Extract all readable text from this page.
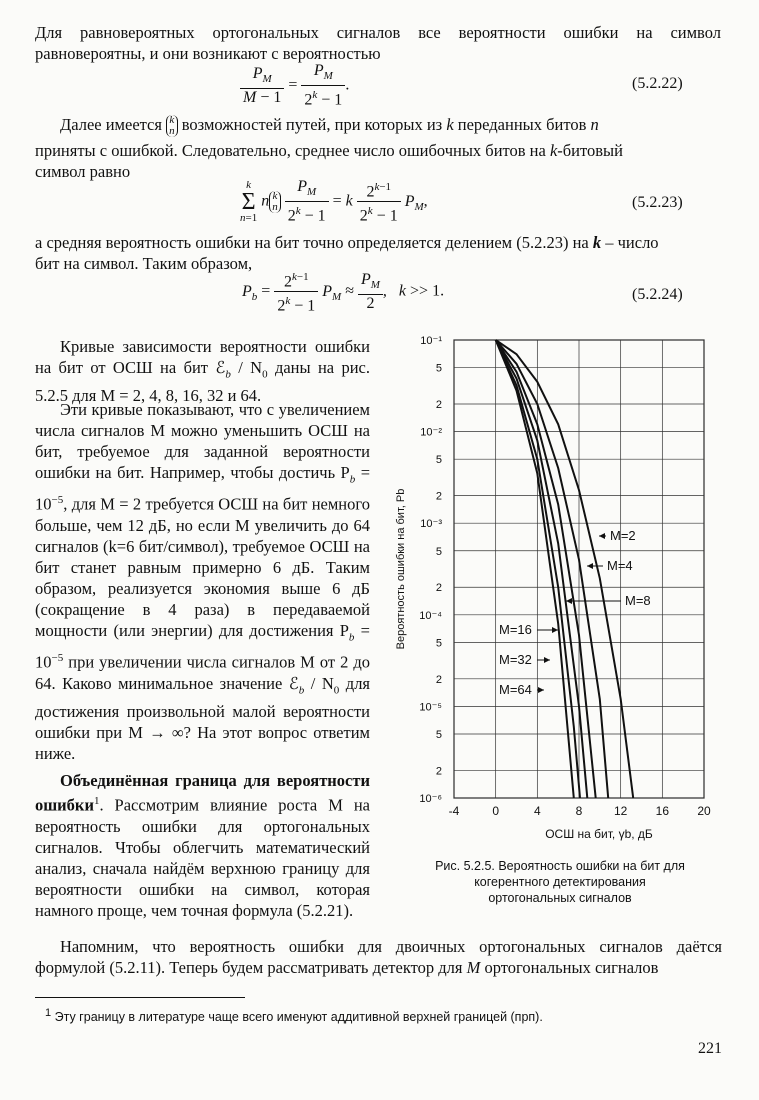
Для равновероятных ортогональных сигналов все вероятности ошибки на символ

равновероятны, и они возникают с вероятностью

$\frac{P_M}{M - 1} = \frac{P_M}{2^k - 1}$ .	(5.2.22)
Далее имеется k
n возможностей путей, при которых из k переданных битов n
приняты с ошибкой. Следовательно, среднее число ошибочных битов на k-битовый

символ равно

k
Σ
n=1 n k
n $\frac{P_M}{2^k - 1} = k \frac{2^{k-1}}{2^k - 1} P_M$,	(5.2.23)
а средняя вероятность ошибки на бит точно определяется делением (5.2.23) на k – число

бит на символ. Таким образом,

$P_b = \frac{2^{k-1}}{2^k - 1} P_M \approx \frac{P_M}{2}$ ,   k >> 1.	(5.2.24)
Кривые зависимости вероятности ошибки на бит от ОСШ на бит ℰ$_b$ / $N_0$ даны на рис. 5.2.5 для M = 2, 4, 8, 16, 32 и 64.
Эти кривые показывают, что с увеличением числа сигналов M можно уменьшить ОСШ на бит, требуемое для заданной вероятности ошибки на бит. Например, чтобы достичь $P_b = 10^{-5}$, для M = 2 требуется ОСШ на бит немного больше, чем 12 дБ, но если M увеличить до 64 сигналов (k=6 бит/символ), требуемое ОСШ на бит станет равным примерно 6 дБ. Таким образом, реализуется экономия выше 6 дБ (сокращение в 4 раза) в передаваемой мощности (или энергии) для достижения $P_b = 10^{-5}$ при увеличении числа сигналов M от 2 до 64. Каково минимальное значение ℰ$_b$ / $N_0$ для достижения произвольной малой вероятности ошибки при M → ∞? На этот вопрос ответим ниже.
Объединённая граница для вероятности ошибки$^1$. Рассмотрим влияние роста M на вероятность ошибки для ортогональных сигналов. Чтобы облегчить математический анализ, сначала найдём верхнюю границу для вероятности ошибки на символ, которая намного проще, чем точная формула (5.2.21).
-4	0	4	8	12 16 20
10⁻¹
5
2
10⁻²
5
2
10⁻³
5
2
10⁻⁴
5
2
10⁻⁵
5
2
10⁻⁶
ОСШ на бит, γb, дБ
Вероятность ошибки на бит, Pb	M=2
M=4
M=8
M=16
M=32
M=64
Рис. 5.2.5. Вероятность ошибки на бит для
когерентного детектирования
ортогональных сигналов

Напомним, что вероятность ошибки для двоичных ортогональных сигналов даётся

формулой (5.2.11). Теперь будем рассматривать детектор для M ортогональных сигналов
$^1$ Эту границу в литературе чаще всего именуют аддитивной верхней границей (прп).
221
